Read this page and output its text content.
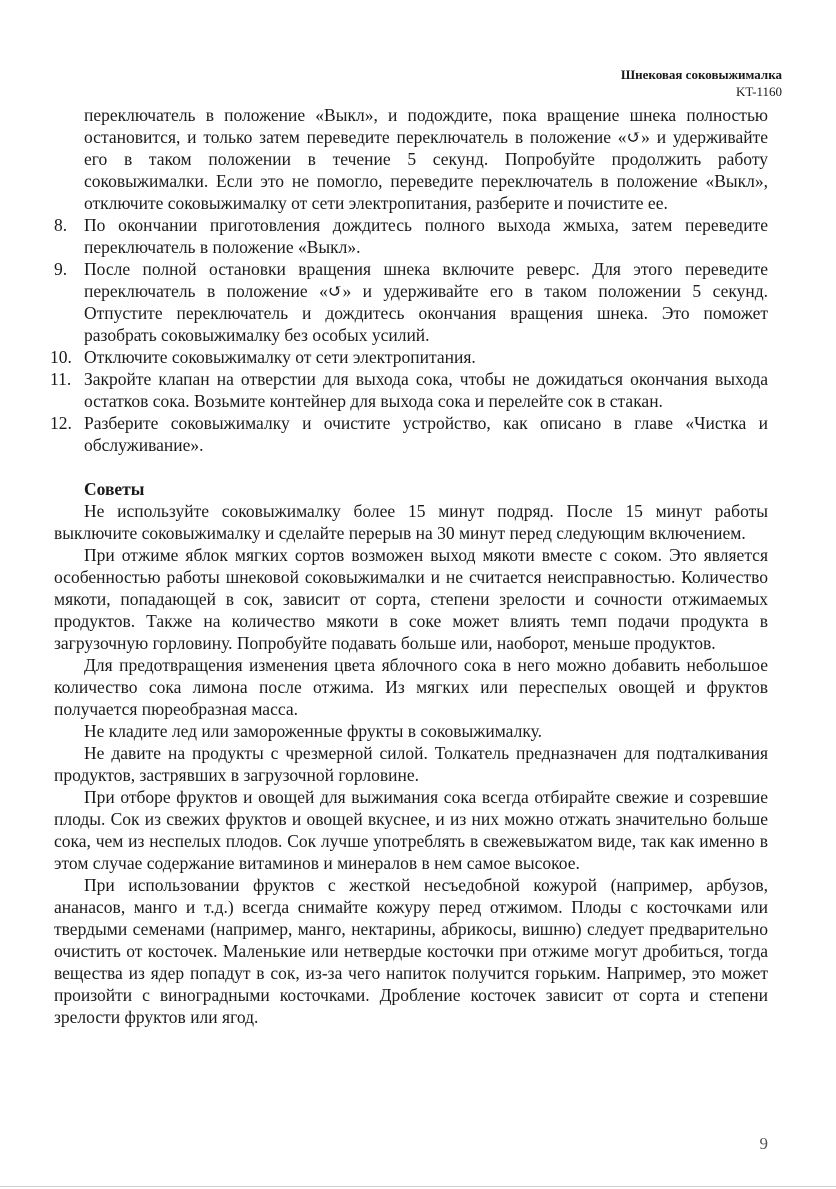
Шнековая соковыжималка
KT-1160

переключатель в положение «Выкл», и подождите, пока вращение шнека полностью остановится, и только затем переведите переключатель в положение «↺» и удерживайте его в таком положении в течение 5 секунд. Попробуйте продолжить работу соковыжималки. Если это не помогло, переведите переключатель в положение «Выкл», отключите соковыжималку от сети электропитания, разберите и почистите ее.

8. По окончании приготовления дождитесь полного выхода жмыха, затем переведите переключатель в положение «Выкл».
9. После полной остановки вращения шнека включите реверс. Для этого переведите переключатель в положение «↺» и удерживайте его в таком положении 5 секунд. Отпустите переключатель и дождитесь окончания вращения шнека. Это поможет разобрать соковыжималку без особых усилий.
10. Отключите соковыжималку от сети электропитания.
11. Закройте клапан на отверстии для выхода сока, чтобы не дожидаться окончания выхода остатков сока. Возьмите контейнер для выхода сока и перелейте сок в стакан.
12. Разберите соковыжималку и очистите устройство, как описано в главе «Чистка и обслуживание».

Советы

Не используйте соковыжималку более 15 минут подряд. После 15 минут работы выключите соковыжималку и сделайте перерыв на 30 минут перед следующим включением.

При отжиме яблок мягких сортов возможен выход мякоти вместе с соком. Это является особенностью работы шнековой соковыжималки и не считается неисправностью. Количество мякоти, попадающей в сок, зависит от сорта, степени зрелости и сочности отжимаемых продуктов. Также на количество мякоти в соке может влиять темп подачи продукта в загрузочную горловину. Попробуйте подавать больше или, наоборот, меньше продуктов.

Для предотвращения изменения цвета яблочного сока в него можно добавить небольшое количество сока лимона после отжима. Из мягких или переспелых овощей и фруктов получается пюреобразная масса.

Не кладите лед или замороженные фрукты в соковыжималку.

Не давите на продукты с чрезмерной силой. Толкатель предназначен для подталкивания продуктов, застрявших в загрузочной горловине.

При отборе фруктов и овощей для выжимания сока всегда отбирайте свежие и созревшие плоды. Сок из свежих фруктов и овощей вкуснее, и из них можно отжать значительно больше сока, чем из неспелых плодов. Сок лучше употреблять в свежевыжатом виде, так как именно в этом случае содержание витаминов и минералов в нем самое высокое.

При использовании фруктов с жесткой несъедобной кожурой (например, арбузов, ананасов, манго и т.д.) всегда снимайте кожуру перед отжимом. Плоды с косточками или твердыми семенами (например, манго, нектарины, абрикосы, вишню) следует предварительно очистить от косточек. Маленькие или нетвердые косточки при отжиме могут дробиться, тогда вещества из ядер попадут в сок, из-за чего напиток получится горьким. Например, это может произойти с виноградными косточками. Дробление косточек зависит от сорта и степени зрелости фруктов или ягод.

9
